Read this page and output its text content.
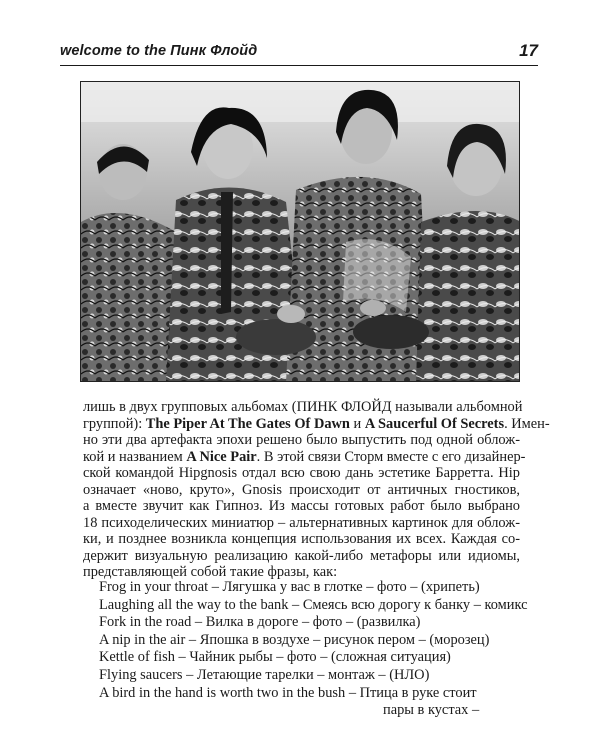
welcome to the Пинк Флойд	17
лишь в двух групповых альбомах (ПИНК ФЛОЙД называли альбомной
группой): The Piper At The Gates Of Dawn и A Saucerful Of Secrets. Имен-
но эти два артефакта эпохи решено было выпустить под одной облож-
кой и названием A Nice Pair. В этой связи Сторм вместе с его дизайнер-
ской командой Hipgnosis отдал всю свою дань эстетике Барретта. Hip
означает «ново, круто», Gnosis происходит от античных гностиков,
а вместе звучит как Гипноз. Из массы готовых работ было выбрано
18 психоделических миниатюр – альтернативных картинок для облож-
ки, и позднее возникла концепция использования их всех. Каждая со-
держит визуальную реализацию какой-либо метафоры или идиомы,
представляющей собой такие фразы, как:
Frog in your throat – Лягушка у вас в глотке – фото – (хрипеть)
Laughing all the way to the bank – Смеясь всю дорогу к банку – комикс
Fork in the road – Вилка в дороге – фото – (развилка)
A nip in the air – Япошка в воздухе – рисунок пером – (морозец)
Kettle of fish – Чайник рыбы – фото – (сложная ситуация)
Flying saucers – Летающие тарелки – монтаж – (НЛО)
A bird in the hand is worth two in the bush – Птица в руке стоит
пары в кустах –
